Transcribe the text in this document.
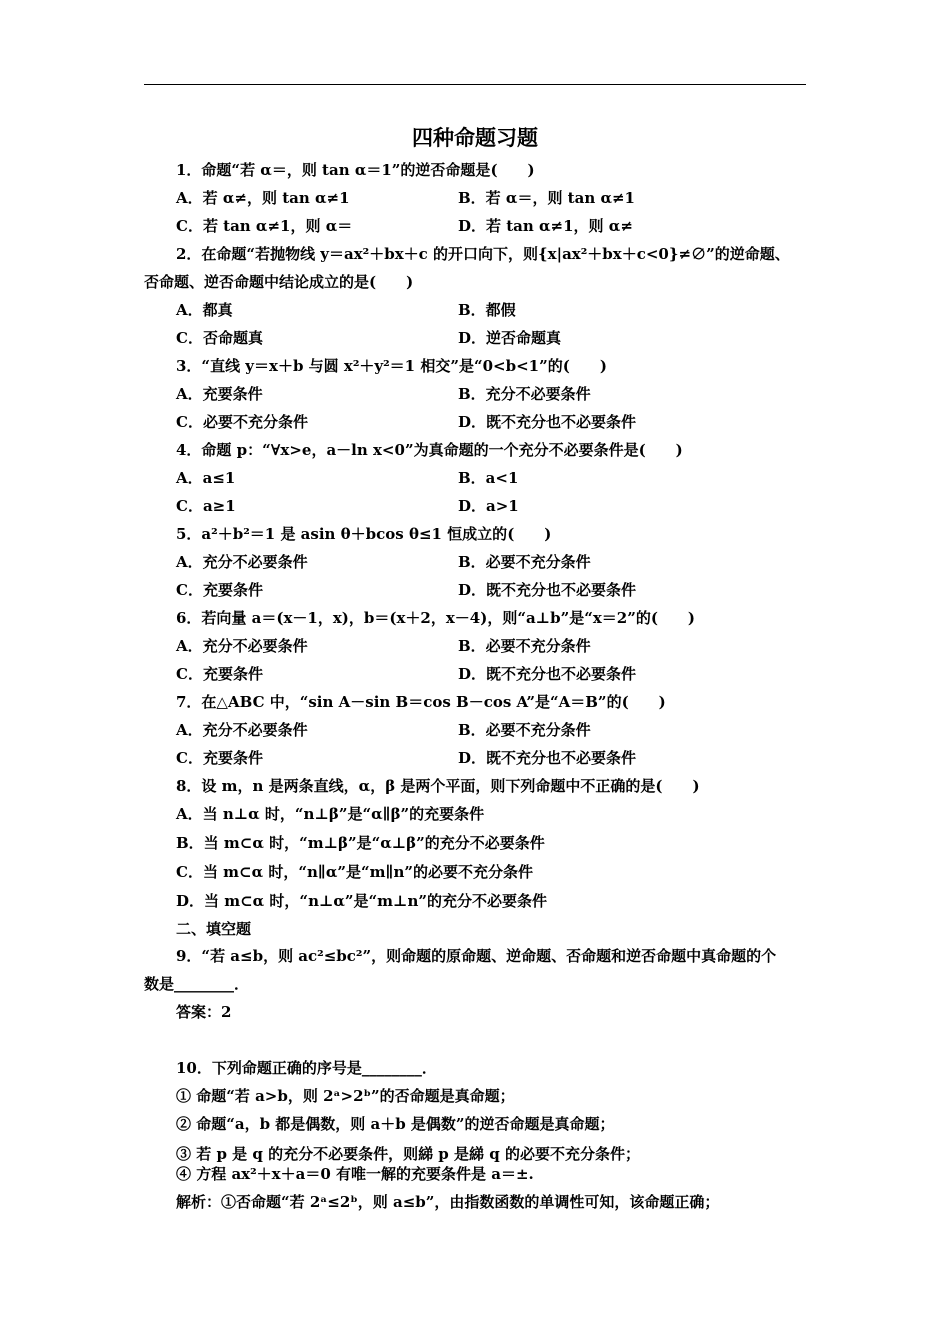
四种命题习题
1．命题“若 α＝，则 tan α＝1”的逆否命题是(　　)
A．若 α≠，则 tan α≠1	B．若 α＝，则 tan α≠1
C．若 tan α≠1，则 α＝	D．若 tan α≠1，则 α≠
2．在命题“若抛物线 y＝ax²＋bx＋c 的开口向下，则{x|ax²＋bx＋c<0}≠∅”的逆命题、
否命题、逆否命题中结论成立的是(　　)
A．都真	B．都假
C．否命题真	D．逆否命题真
3．“直线 y＝x＋b 与圆 x²＋y²＝1 相交”是“0<b<1”的(　　)
A．充要条件	B．充分不必要条件
C．必要不充分条件	D．既不充分也不必要条件
4．命题 p：“∀x>e，a－ln x<0”为真命题的一个充分不必要条件是(　　)
A．a≤1	B．a<1
C．a≥1	D．a>1
5．a²＋b²＝1 是 asin θ＋bcos θ≤1 恒成立的(　　)
A．充分不必要条件	B．必要不充分条件
C．充要条件	D．既不充分也不必要条件
6．若向量 a＝(x－1，x)，b＝(x＋2，x－4)，则“a⊥b”是“x＝2”的(　　)
A．充分不必要条件	B．必要不充分条件
C．充要条件	D．既不充分也不必要条件
7．在△ABC 中，“sin A－sin B＝cos B－cos A”是“A＝B”的(　　)
A．充分不必要条件	B．必要不充分条件
C．充要条件	D．既不充分也不必要条件
8．设 m，n 是两条直线，α，β 是两个平面，则下列命题中不正确的是(　　)
A．当 n⊥α 时，“n⊥β”是“α∥β”的充要条件
B．当 m⊂α 时，“m⊥β”是“α⊥β”的充分不必要条件
C．当 m⊂α 时，“n∥α”是“m∥n”的必要不充分条件
D．当 m⊂α 时，“n⊥α”是“m⊥n”的充分不必要条件
二、填空题
9．“若 a≤b，则 ac²≤bc²”，则命题的原命题、逆命题、否命题和逆否命题中真命题的个
数是________．
答案：2
10．下列命题正确的序号是________．
① 命题“若 a>b，则 2ᵃ>2ᵇ”的否命题是真命题；
② 命题“a，b 都是偶数，则 a＋b 是偶数”的逆否命题是真命题；
③ 若 p 是 q 的充分不必要条件，则綈 p 是綈 q 的必要不充分条件；
④ 方程 ax²＋x＋a＝0 有唯一解的充要条件是 a＝±.
解析：①否命题“若 2ᵃ≤2ᵇ，则 a≤b”，由指数函数的单调性可知，该命题正确；
